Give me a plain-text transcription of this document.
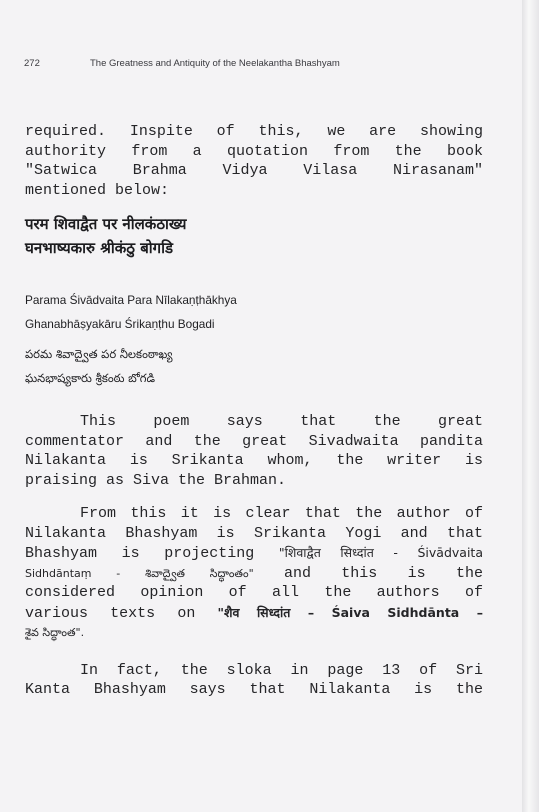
272	The Greatness and Antiquity of the Neelakantha Bhashyam

required. Inspite of this, we are showing

authority from a quotation from the book

"Satwica Brahma Vidya Vilasa Nirasanam"

mentioned below:

परम शिवाद्वैत पर नीलकंठाख्य

घनभाष्यकारु श्रीकंठु बोगडि

Parama Śivādvaita Para Nīlakaṇṭhākhya

Ghanabhāṣyakāru Śrikaṇṭhu Bogadi

పరమ శివాద్వైత పర నీలకంఠాఖ్య

ఘనభాష్యకారు శ్రీకంఠు బోగడి

This poem says that the great

commentator and the great Sivadwaita pandita

Nilakanta is Srikanta whom, the writer is

praising as Siva the Brahman.

From this it is clear that the author of

Nilakanta Bhashyam is Srikanta Yogi and that

Bhashyam is projecting "शिवाद्वैत सिध्दांत - Śivādvaita

Sidhdāntaṃ - శివాద్వైత సిద్ధాంతం" and this is the

considered opinion of all the authors of

various texts on "शैव सिध्दांत – Śaiva Sidhdānta –

శైవ సిద్ధాంత".

In fact, the sloka in page 13 of Sri

Kanta Bhashyam says that Nilakanta is the
